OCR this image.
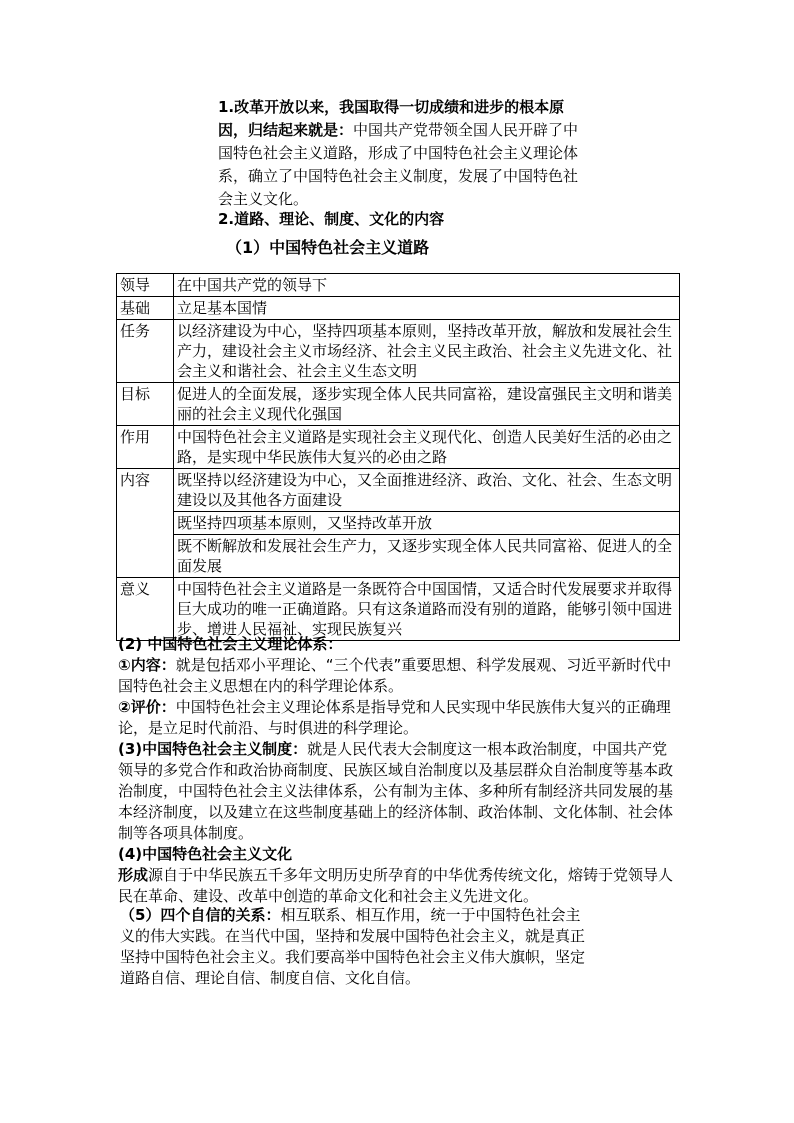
1.改革开放以来，我国取得一切成绩和进步的根本原因，归结起来就是：中国共产党带领全国人民开辟了中国特色社会主义道路，形成了中国特色社会主义理论体系，确立了中国特色社会主义制度，发展了中国特色社会主义文化。
2.道路、理论、制度、文化的内容
（1）中国特色社会主义道路
领导	在中国共产党的领导下
基础	立足基本国情
任务	以经济建设为中心，坚持四项基本原则，坚持改革开放，解放和发展社会生产力，建设社会主义市场经济、社会主义民主政治、社会主义先进文化、社会主义和谐社会、社会主义生态文明
目标	促进人的全面发展，逐步实现全体人民共同富裕，建设富强民主文明和谐美丽的社会主义现代化强国
作用	中国特色社会主义道路是实现社会主义现代化、创造人民美好生活的必由之路，是实现中华民族伟大复兴的必由之路
内容	既坚持以经济建设为中心，又全面推进经济、政治、文化、社会、生态文明建设以及其他各方面建设
	既坚持四项基本原则，又坚持改革开放
	既不断解放和发展社会生产力，又逐步实现全体人民共同富裕、促进人的全面发展
意义	中国特色社会主义道路是一条既符合中国国情，又适合时代发展要求并取得巨大成功的唯一正确道路。只有这条道路而没有别的道路，能够引领中国进步、增进人民福祉、实现民族复兴

(2) 中国特色社会主义理论体系：

①内容：就是包括邓小平理论、“三个代表”重要思想、科学发展观、习近平新时代中国特色社会主义思想在内的科学理论体系。

②评价：中国特色社会主义理论体系是指导党和人民实现中华民族伟大复兴的正确理论，是立足时代前沿、与时俱进的科学理论。

(3)中国特色社会主义制度：就是人民代表大会制度这一根本政治制度，中国共产党领导的多党合作和政治协商制度、民族区域自治制度以及基层群众自治制度等基本政治制度，中国特色社会主义法律体系，公有制为主体、多种所有制经济共同发展的基本经济制度，以及建立在这些制度基础上的经济体制、政治体制、文化体制、社会体制等各项具体制度。

(4)中国特色社会主义文化

形成源自于中华民族五千多年文明历史所孕育的中华优秀传统文化，熔铸于党领导人民在革命、建设、改革中创造的革命文化和社会主义先进文化。

（5）四个自信的关系：相互联系、相互作用，统一于中国特色社会主义的伟大实践。在当代中国，坚持和发展中国特色社会主义，就是真正坚持中国特色社会主义。我们要高举中国特色社会主义伟大旗帜，坚定道路自信、理论自信、制度自信、文化自信。
